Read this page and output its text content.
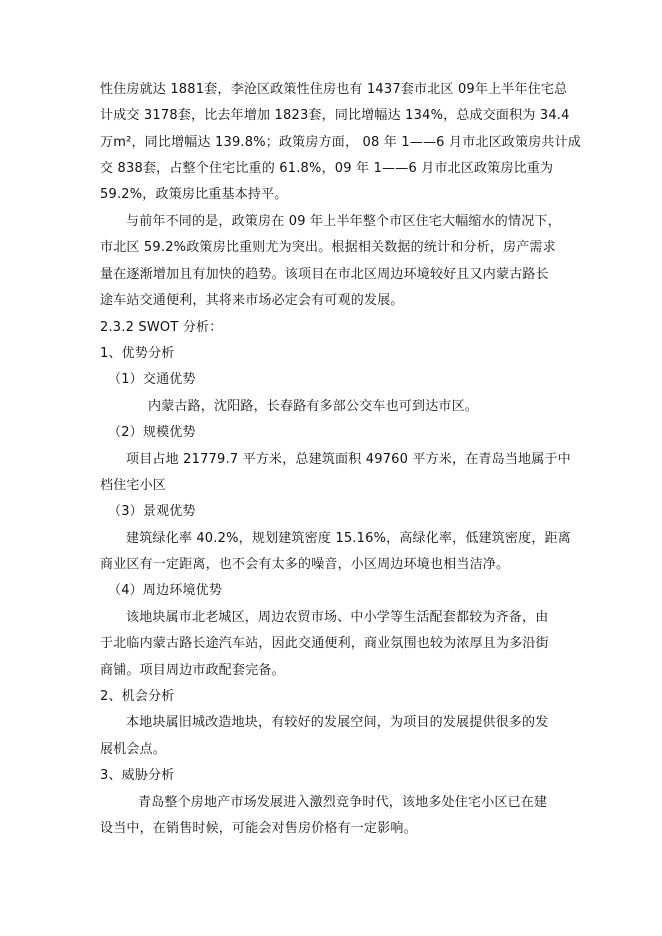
性住房就达 1881套，李沧区政策性住房也有 1437套市北区 09年上半年住宅总
计成交 3178套，比去年增加 1823套，同比增幅达 134%，总成交面积为 34.4
万m²，同比增幅达 139.8%；政策房方面， 08 年 1——6 月市北区政策房共计成
交 838套，占整个住宅比重的 61.8%，09 年 1——6 月市北区政策房比重为
59.2%，政策房比重基本持平。
与前年不同的是，政策房在 09 年上半年整个市区住宅大幅缩水的情况下，
市北区 59.2%政策房比重则尤为突出。根据相关数据的统计和分析，房产需求
量在逐渐增加且有加快的趋势。该项目在市北区周边环境较好且又内蒙古路长
途车站交通便利，其将来市场必定会有可观的发展。
2.3.2 SWOT 分析：
1、优势分析
（1）交通优势
内蒙古路，沈阳路，长春路有多部公交车也可到达市区。
（2）规模优势
项目占地 21779.7 平方米，总建筑面积 49760 平方米，在青岛当地属于中
档住宅小区
（3）景观优势
建筑绿化率 40.2%，规划建筑密度 15.16%，高绿化率，低建筑密度，距离
商业区有一定距离，也不会有太多的噪音，小区周边环境也相当洁净。
（4）周边环境优势
该地块属市北老城区，周边农贸市场、中小学等生活配套都较为齐备，由
于北临内蒙古路长途汽车站，因此交通便利，商业氛围也较为浓厚且为多沿街
商铺。项目周边市政配套完备。
2、机会分析
本地块属旧城改造地块，有较好的发展空间，为项目的发展提供很多的发
展机会点。
3、威胁分析
青岛整个房地产市场发展进入激烈竞争时代，该地多处住宅小区已在建
设当中，在销售时候，可能会对售房价格有一定影响。
